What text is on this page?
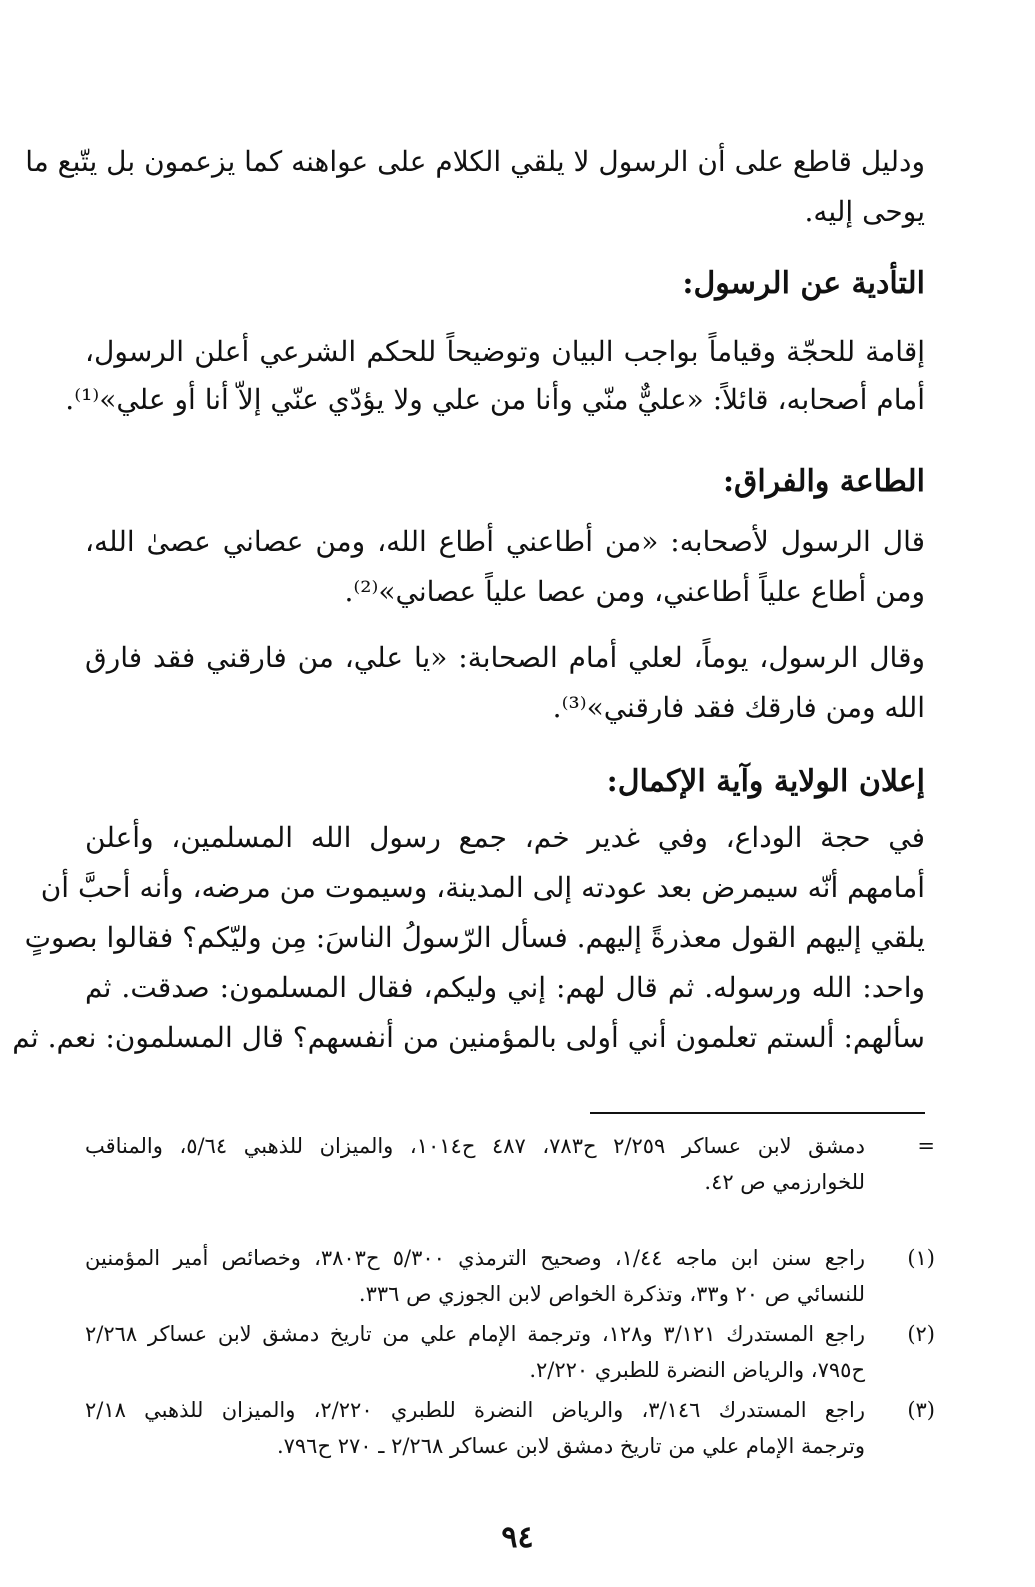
ودليل قاطع على أن الرسول لا يلقي الكلام على عواهنه كما يزعمون بل يتّبع ما
يوحى إليه.
التأدية عن الرسول:
إقامة للحجّة وقياماً بواجب البيان وتوضيحاً للحكم الشرعي أعلن الرسول،
أمام أصحابه، قائلاً: «عليٌّ منّي وأنا من علي ولا يؤدّي عنّي إلاّ أنا أو علي»⁽¹⁾.
الطاعة والفراق:
قال الرسول لأصحابه: «من أطاعني أطاع الله، ومن عصاني عصىٰ الله،
ومن أطاع علياً أطاعني، ومن عصا علياً عصاني»⁽²⁾.
وقال الرسول، يوماً، لعلي أمام الصحابة: «يا علي، من فارقني فقد فارق
الله ومن فارقك فقد فارقني»⁽³⁾.
إعلان الولاية وآية الإكمال:
في حجة الوداع، وفي غدير خم، جمع رسول الله المسلمين، وأعلن
أمامهم أنّه سيمرض بعد عودته إلى المدينة، وسيموت من مرضه، وأنه أحبَّ أن
يلقي إليهم القول معذرةً إليهم. فسأل الرّسولُ الناسَ: مِن وليّكم؟ فقالوا بصوتٍ
واحد: الله ورسوله. ثم قال لهم: إني وليكم، فقال المسلمون: صدقت. ثم
سألهم: ألستم تعلمون أني أولى بالمؤمنين من أنفسهم؟ قال المسلمون: نعم. ثم
=
دمشق لابن عساكر ٢/٢٥٩ ح٧٨٣، ٤٨٧ ح١٠١٤، والميزان للذهبي ٥/٦٤، والمناقب
للخوارزمي ص ٤٢.
(١)
راجع سنن ابن ماجه ١/٤٤، وصحيح الترمذي ٥/٣٠٠ ح٣٨٠٣، وخصائص أمير المؤمنين
للنسائي ص ٢٠ و٣٣، وتذكرة الخواص لابن الجوزي ص ٣٣٦.
(٢)
راجع المستدرك ٣/١٢١ و١٢٨، وترجمة الإمام علي من تاريخ دمشق لابن عساكر ٢/٢٦٨
ح٧٩٥، والرياض النضرة للطبري ٢/٢٢٠.
(٣)
راجع المستدرك ٣/١٤٦، والرياض النضرة للطبري ٢/٢٢٠، والميزان للذهبي ٢/١٨
وترجمة الإمام علي من تاريخ دمشق لابن عساكر ٢/٢٦٨ ـ ٢٧٠ ح٧٩٦.
٩٤
